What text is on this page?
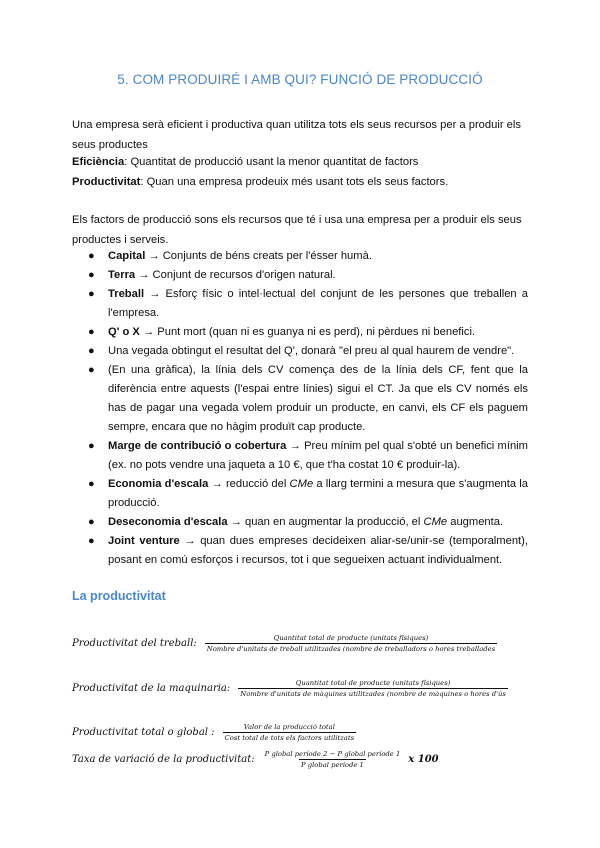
5. COM PRODUIRÉ I AMB QUI? FUNCIÓ DE PRODUCCIÓ

Una empresa serà eficient i productiva quan utilitza tots els seus recursos per a produir els seus productes

Eficiència: Quantitat de producció usant la menor quantitat de factors

Productivitat: Quan una empresa prodeuix més usant tots els seus factors.

Els factors de producció sons els recursos que té i usa una empresa per a produir els seus productes i serveis.

● Capital → Conjunts de béns creats per l'ésser humà.
● Terra → Conjunt de recursos d'origen natural.
● Treball → Esforç físic o intel·lectual del conjunt de les persones que treballen a l'empresa.
● Q' o X → Punt mort (quan ni es guanya ni es perd), ni pèrdues ni benefici.
● Una vegada obtingut el resultat del Q', donarà "el preu al qual haurem de vendre".
● (En una gràfica), la línia dels CV comença des de la línia dels CF, fent que la diferència entre aquests (l'espai entre línies) sigui el CT. Ja que els CV només els has de pagar una vegada volem produir un producte, en canvi, els CF els paguem sempre, encara que no hàgim produït cap producte.
● Marge de contribució o cobertura → Preu mínim pel qual s'obté un benefici mínim (ex. no pots vendre una jaqueta a 10 €, que t'ha costat 10 € produir-la).
● Economia d'escala → reducció del CMe a llarg termini a mesura que s'augmenta la producció.
● Deseconomia d'escala → quan en augmentar la producció, el CMe augmenta.
● Joint venture → quan dues empreses decideixen aliar-se/unir-se (temporalment), posant en comú esforços i recursos, tot i que segueixen actuant individualment.
La productivitat
Productivitat del treball:	Quantitat total de producte (unitats físiques)
Nombre d'unitats de treball utilitzades (nombre de treballadors o hores treballades
Productivitat de la maquinaria:	Quantitat total de producte (unitats físiques)
Nombre d'unitats de màquines utilitzades (nombre de màquines o hores d'ús
Productivitat total o global : $\frac{\text{Valor de la producció total}}{\text{Cost total de tots els factors utilitzats}}$
Taxa de variació de la productivitat: $\frac{\text{P global període 2 − P global període 1}}{\text{P global període 1}}$ x 100
